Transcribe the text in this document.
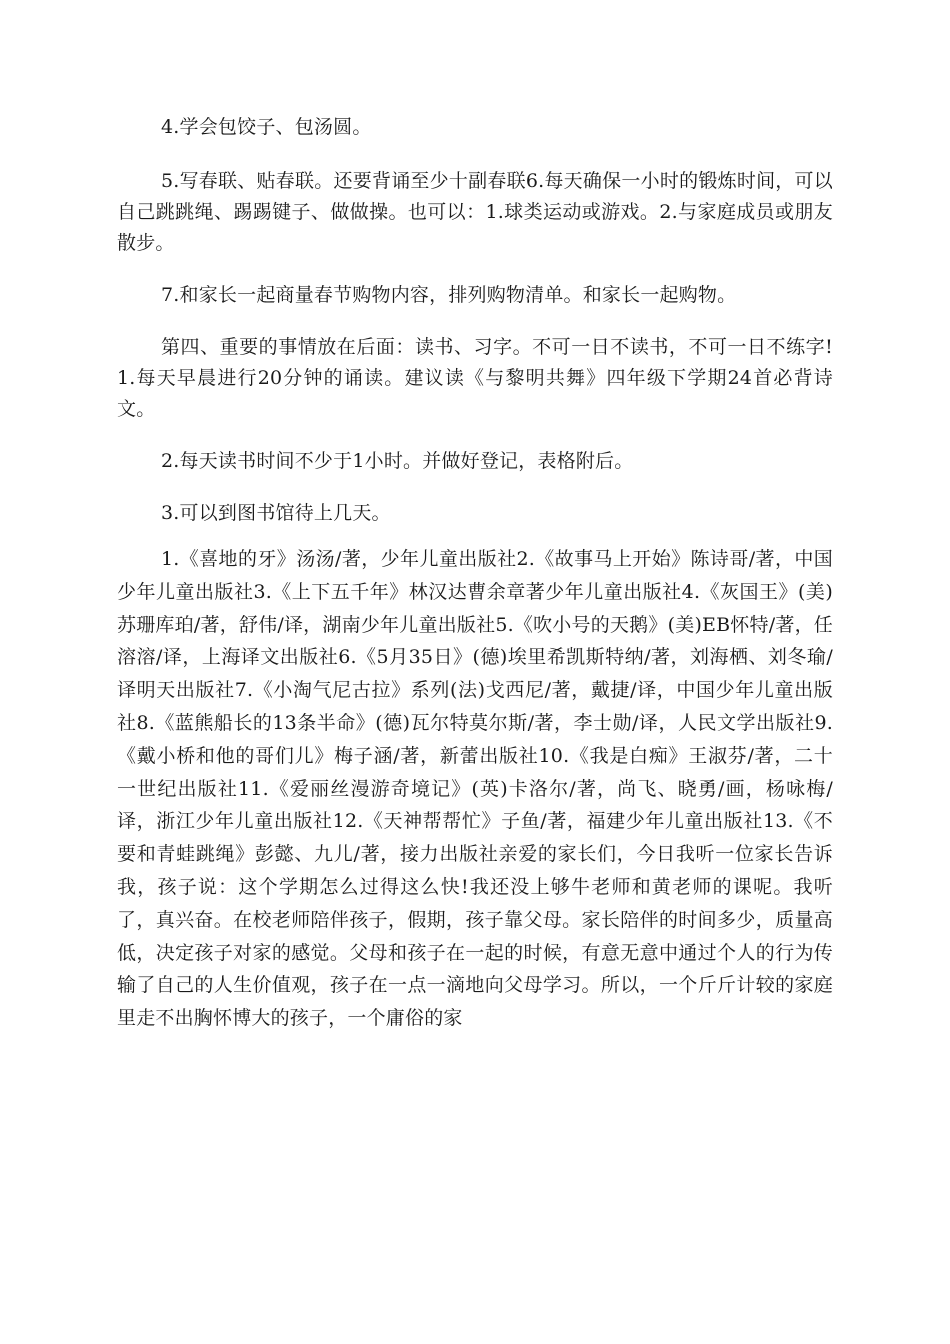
4.学会包饺子、包汤圆。

5.写春联、贴春联。还要背诵至少十副春联6.每天确保一小时的锻炼时间，可以自己跳跳绳、踢踢键子、做做操。也可以：1.球类运动或游戏。2.与家庭成员或朋友散步。

7.和家长一起商量春节购物内容，排列购物清单。和家长一起购物。

第四、重要的事情放在后面：读书、习字。不可一日不读书，不可一日不练字!1.每天早晨进行20分钟的诵读。建议读《与黎明共舞》四年级下学期24首必背诗文。

2.每天读书时间不少于1小时。并做好登记，表格附后。

3.可以到图书馆待上几天。

1.《喜地的牙》汤汤/著，少年儿童出版社2.《故事马上开始》陈诗哥/著，中国少年儿童出版社3.《上下五千年》林汉达曹余章著少年儿童出版社4.《灰国王》(美)苏珊库珀/著，舒伟/译，湖南少年儿童出版社5.《吹小号的天鹅》(美)EB怀特/著，任溶溶/译，上海译文出版社6.《5月35日》(德)埃里希凯斯特纳/著，刘海栖、刘冬瑜/译明天出版社7.《小淘气尼古拉》系列(法)戈西尼/著，戴捷/译，中国少年儿童出版社8.《蓝熊船长的13条半命》(德)瓦尔特莫尔斯/著，李士勋/译，人民文学出版社9.《戴小桥和他的哥们儿》梅子涵/著，新蕾出版社10.《我是白痴》王淑芬/著，二十一世纪出版社11.《爱丽丝漫游奇境记》(英)卡洛尔/著，尚飞、晓勇/画，杨咏梅/译，浙江少年儿童出版社12.《天神帮帮忙》子鱼/著，福建少年儿童出版社13.《不要和青蛙跳绳》彭懿、九儿/著，接力出版社亲爱的家长们，今日我听一位家长告诉我，孩子说：这个学期怎么过得这么快!我还没上够牛老师和黄老师的课呢。我听了，真兴奋。在校老师陪伴孩子，假期，孩子靠父母。家长陪伴的时间多少，质量高低，决定孩子对家的感觉。父母和孩子在一起的时候，有意无意中通过个人的行为传输了自己的人生价值观，孩子在一点一滴地向父母学习。所以，一个斤斤计较的家庭里走不出胸怀博大的孩子，一个庸俗的家
